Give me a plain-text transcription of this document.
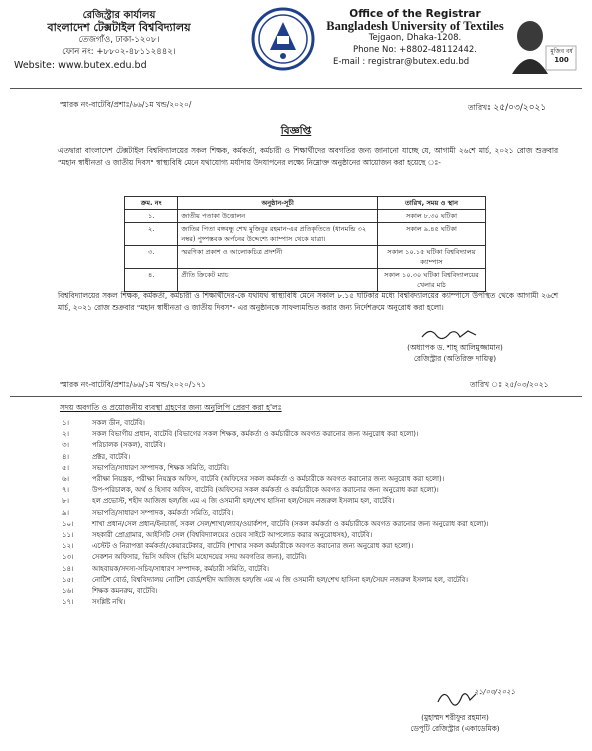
রেজিস্ট্রার কার্যালয়
বাংলাদেশ টেক্সটাইল বিশ্ববিদ্যালয়
তেজগাঁও, ঢাকা-১২০৮।
ফোন নং: +৮৮০২-৪৮১১২৪৪২।
Website: www.butex.edu.bd
Office of the Registrar
Bangladesh University of Textiles
Tejgaon, Dhaka-1208.
Phone No: +8802-48112442.
E-mail : registrar@butex.edu.bd
মুজিব বর্ষ
100
স্মারক নং-বাটেবি/প্রশাঃ/৬৬/১ম খন্ড/২০২০/	তারিখঃ ২৫/০৩/২০২১
বিজ্ঞপ্তি
এতদ্বারা বাংলাদেশ টেক্সটাইল বিশ্ববিদ্যালয়ের সকল শিক্ষক, কর্মকর্তা, কর্মচারী ও শিক্ষার্থীদের অবগতির জন্য জানানো যাচ্ছে যে, আগামী ২৬শে মার্চ, ২০২১ রোজ শুক্রবার "মহান স্বাধীনতা ও জাতীয় দিবস" স্বাস্থ্যবিধি মেনে যথাযোগ্য মর্যাদায় উদযাপনের লক্ষ্যে নিম্নোক্ত অনুষ্ঠানের আয়োজন করা হয়েছে ঃ-
ক্রম. নং	অনুষ্ঠান-সূচী	তারিখ, সময় ও স্থান
১.	জাতীয় পতাকা উত্তোলন	সকাল ৮.৩০ ঘটিকা
২.	জাতির পিতা বঙ্গবন্ধু শেখ মুজিবুর রহমান-এর প্রতিকৃতিতে (ধানমন্ডি ৩২ নম্বর) পুষ্পস্তবক অর্পনের উদ্দেশ্যে ক্যাম্পাস থেকে যাত্রা।	সকাল ৯.৪৫ ঘটিকা
৩.	স্মরণিকা প্রকাশ ও আলোকচিত্র প্রদর্শনী	সকাল ১০.১৫ ঘটিকা বিশ্ববিদ্যালয় ক্যাম্পাস
৪.	প্রীতি ক্রিকেট ম্যাচ	সকাল ১০.৩০ ঘটিকা বিশ্ববিদ্যালয়ের খেলার মাঠ
বিশ্ববিদ্যালয়ের সকল শিক্ষক, কর্মকর্তা, কর্মচারী ও শিক্ষার্থীদের-কে যথাযথ স্বাস্থ্যবিধি মেনে সকাল ৮.১৫ ঘটিকার মধ্যে বিশ্ববিদ্যালয়ের ক্যাম্পাসে উপস্থিত থেকে আগামী ২৬শে মার্চ, ২০২১ রোজ শুক্রবার "মহান স্বাধীনতা ও জাতীয় দিবস"- এর অনুষ্ঠানকে সাফল্যমন্ডিত করার জন্য নির্দেশক্রমে অনুরোধ করা হলো।
(অধ্যাপক ড. শাহ্ আলিমুজ্জামান)
রেজিস্ট্রার (অতিরিক্ত দায়িত্ব)
স্মারক নং-বাটেবি/প্রশাঃ/৬৬/১ম খন্ড/২০২০/১৭১	তারিখ ঃ ২৫/০৩/২০২১
সদয় অবগতি ও প্রয়োজনীয় ব্যবস্থা গ্রহণের জন্য অনুলিপি প্রেরণ করা হ'লঃ
১।	সকল ডীন, বাটেবি।
২।	সকল বিভাগীয় প্রধান, বাটেবি (বিভাগের সকল শিক্ষক, কর্মকর্তা ও কর্মচারীকে অবগত করানোর জন্য অনুরোধ করা হলো)।
৩।	পরিচালক (সকল), বাটেবি।
৪।	প্রক্টর, বাটেবি।
৫।	সভাপতি/সাধারণ সম্পাদক, শিক্ষক সমিতি, বাটেবি।
৬।	পরীক্ষা নিয়ন্ত্রক, পরীক্ষা নিয়ন্ত্রক অফিস, বাটেবি (অফিসের সকল কর্মকর্তা ও কর্মচারীকে অবগত করানোর জন্য অনুরোধ করা হলো)।
৭।	উপ-পরিচালক, অর্থ ও হিসাব অফিস, বাটেবি (অফিসের সকল কর্মকর্তা ও কর্মচারীকে অবগত করানোর জন্য অনুরোধ করা হলো)।
৮।	হল প্রভোস্ট, শহীদ আজিজ হল/জি এম এ জি ওসমানী হল/শেখ হাসিনা হল/সৈয়দ নজরুল ইসলাম হল, বাটেবি।
৯।	সভাপতি/সাধারণ সম্পাদক, কর্মকর্তা সমিতি, বাটেবি।
১০।	শাখা প্রধান/সেল প্রধান/ইনচার্জ, সকল সেল/শাখা/ল্যাব/ওয়ার্কশপ, বাটেবি (সকল কর্মকর্তা ও কর্মচারীকে অবগত করানোর জন্য অনুরোধ করা হলো)।
১১।	সহকারী প্রোগ্রামার, আইসিটি সেল (বিশ্ববিদ্যালয়ের ওয়েব সাইটে আপলোড করার অনুরোধসহ), বাটেবি।
১২।	এস্টেট ও নিরাপত্তা কর্মকর্তা/কেয়ারটেকার, বাটেবি (শাখার সকল কর্মচারীকে অবগত করানোর জন্য অনুরোধ করা হলো)।
১৩।	সেকশন অফিসার, ভিসি অফিস (ভিসি মহোদয়ের সদয় অবগতির জন্য), বাটেবি।
১৪।	আহবায়ক/সদস্য-সচিব/সাধারণ সম্পাদক, কর্মচারী সমিতি, বাটেবি।
১৫।	নোটিশ বোর্ড, বিশ্ববিদ্যালয় নোটিশ বোর্ড/শহীদ আজিজ হল/জি এম এ জি ওসমানী হল/শেখ হাসিনা হল/সৈয়দ নজরুল ইসলাম হল, বাটেবি।
১৬।	শিক্ষক কমনরুম, বাটেবি।
১৭।	সংশ্লিষ্ট নথি।
২১/০৩/২০২১
(মুহাম্মদ শরীফুর রহমান)
ডেপুটি রেজিস্ট্রার (একাডেমিক)
